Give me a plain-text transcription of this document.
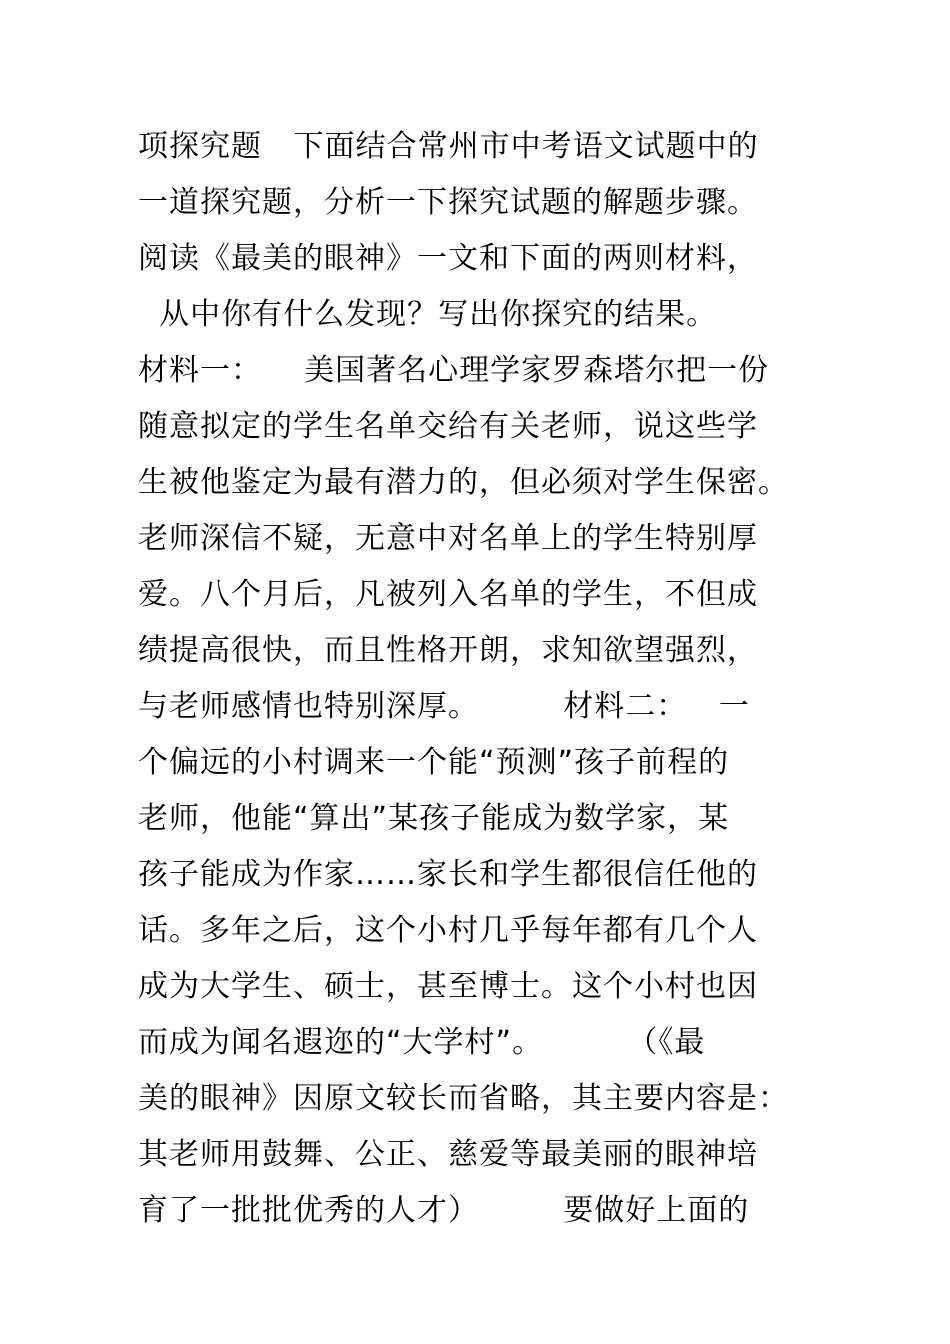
项探究题   下面结合常州市中考语文试题中的
一道探究题，分析一下探究试题的解题步骤。
阅读《最美的眼神》一文和下面的两则材料，
从中你有什么发现？写出你探究的结果。
材料一：    美国著名心理学家罗森塔尔把一份
随意拟定的学生名单交给有关老师，说这些学
生被他鉴定为最有潜力的，但必须对学生保密。
老师深信不疑，无意中对名单上的学生特别厚
爱。八个月后，凡被列入名单的学生，不但成
绩提高很快，而且性格开朗，求知欲望强烈，
与老师感情也特别深厚。        材料二：   一
个偏远的小村调来一个能“预测”孩子前程的
老师，他能“算出”某孩子能成为数学家，某
孩子能成为作家……家长和学生都很信任他的
话。多年之后，这个小村几乎每年都有几个人
成为大学生、硕士，甚至博士。这个小村也因
而成为闻名遐迩的“大学村”。        （《最
美的眼神》因原文较长而省略，其主要内容是：
其老师用鼓舞、公正、慈爱等最美丽的眼神培
育了一批批优秀的人才）        要做好上面的
